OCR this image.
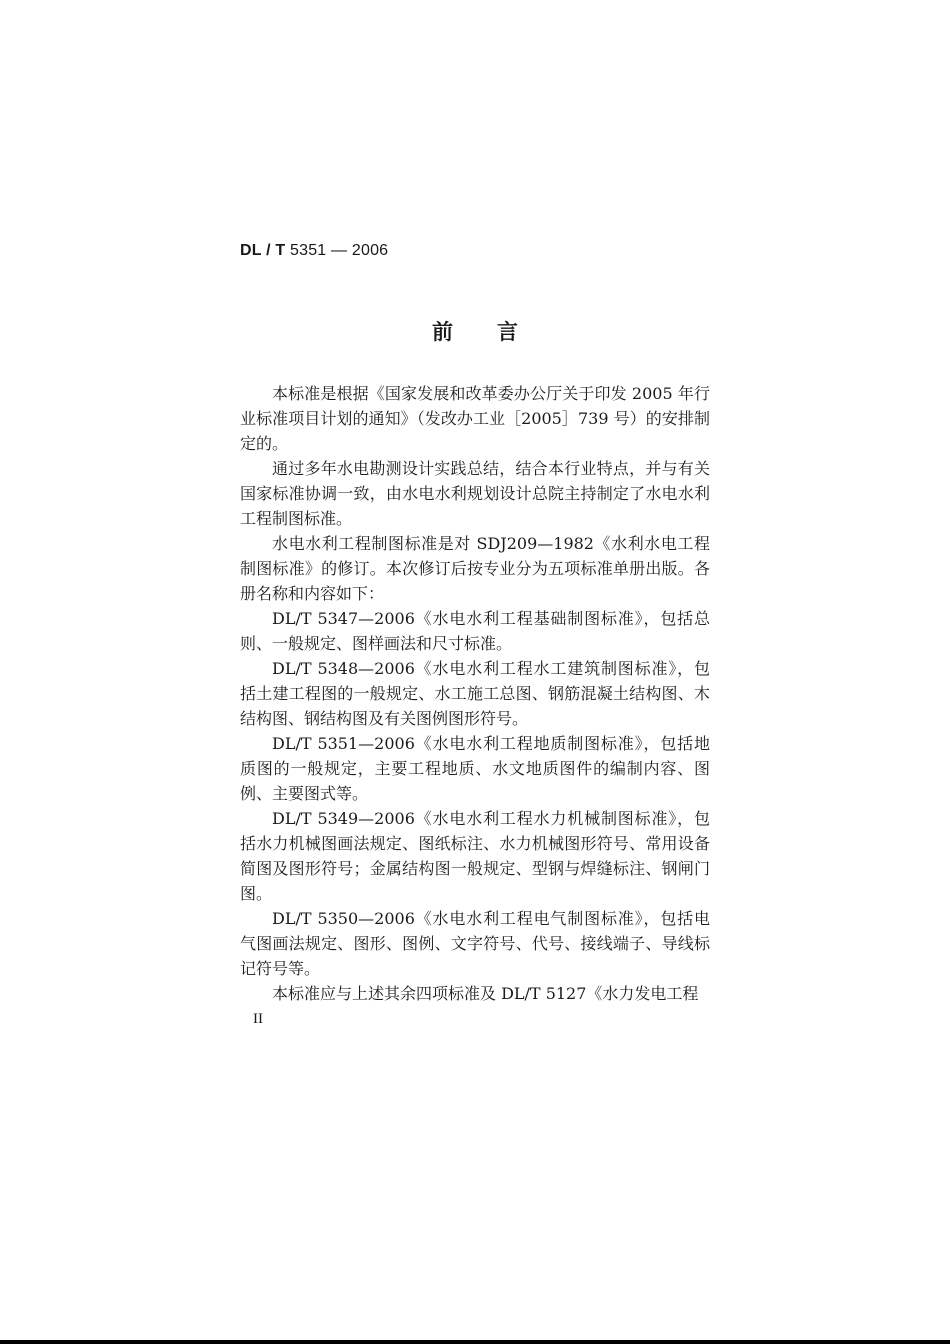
DL / T 5351 — 2006
前言

本标准是根据《国家发展和改革委办公厅关于印发 2005 年行业标准项目计划的通知》（发改办工业［2005］739 号）的安排制定的。

通过多年水电勘测设计实践总结，结合本行业特点，并与有关国家标准协调一致，由水电水利规划设计总院主持制定了水电水利工程制图标准。

水电水利工程制图标准是对 SDJ209—1982《水利水电工程制图标准》的修订。本次修订后按专业分为五项标准单册出版。各册名称和内容如下：

DL/T 5347—2006《水电水利工程基础制图标准》，包括总则、一般规定、图样画法和尺寸标准。

DL/T 5348—2006《水电水利工程水工建筑制图标准》，包括土建工程图的一般规定、水工施工总图、钢筋混凝土结构图、木结构图、钢结构图及有关图例图形符号。

DL/T 5351—2006《水电水利工程地质制图标准》，包括地质图的一般规定，主要工程地质、水文地质图件的编制内容、图例、主要图式等。

DL/T 5349—2006《水电水利工程水力机械制图标准》，包括水力机械图画法规定、图纸标注、水力机械图形符号、常用设备简图及图形符号；金属结构图一般规定、型钢与焊缝标注、钢闸门图。

DL/T 5350—2006《水电水利工程电气制图标准》，包括电气图画法规定、图形、图例、文字符号、代号、接线端子、导线标记符号等。

本标准应与上述其余四项标准及 DL/T 5127《水力发电工程

II
